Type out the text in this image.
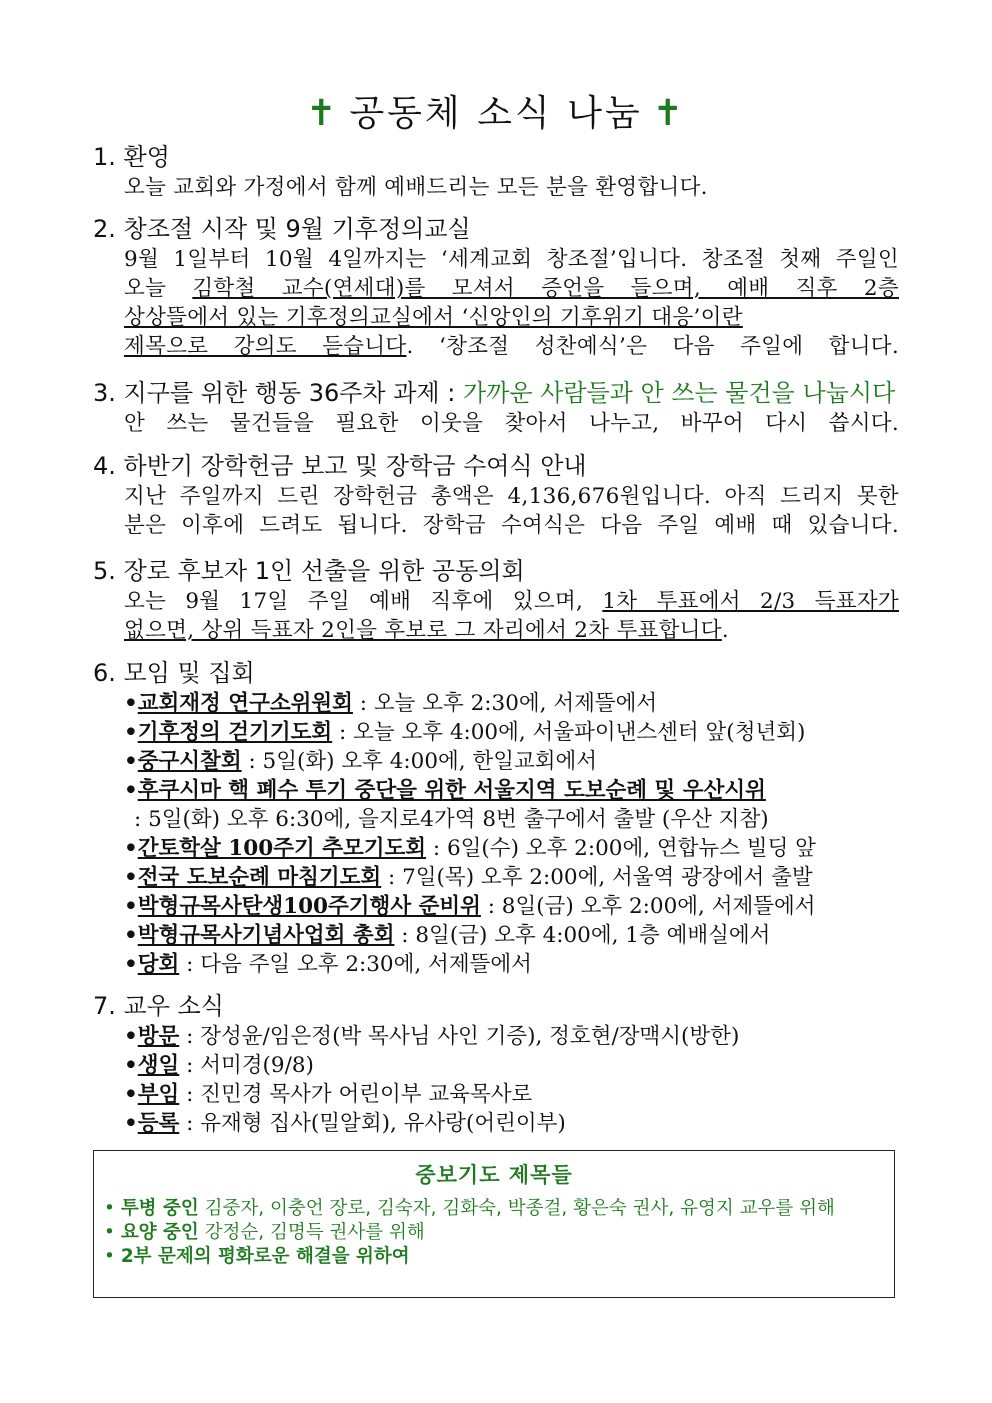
✝ 공동체 소식 나눔 ✝
1. 환영
오늘 교회와 가정에서 함께 예배드리는 모든 분을 환영합니다.
2. 창조절 시작 및 9월 기후정의교실
9월 1일부터 10월 4일까지는 ‘세계교회 창조절’입니다. 창조절 첫째 주일인
오늘 김학철 교수(연세대)를 모셔서 증언을 들으며, 예배 직후 2층
상상뜰에서 있는 기후정의교실에서 ‘신앙인의 기후위기 대응’이란
제목으로 강의도 듣습니다. ‘창조절 성찬예식’은 다음 주일에 합니다.
3. 지구를 위한 행동 36주차 과제 : 가까운 사람들과 안 쓰는 물건을 나눕시다
안 쓰는 물건들을 필요한 이웃을 찾아서 나누고, 바꾸어 다시 씁시다.
4. 하반기 장학헌금 보고 및 장학금 수여식 안내
지난 주일까지 드린 장학헌금 총액은 4,136,676원입니다. 아직 드리지 못한
분은 이후에 드려도 됩니다. 장학금 수여식은 다음 주일 예배 때 있습니다.
5. 장로 후보자 1인 선출을 위한 공동의회
오는 9월 17일 주일 예배 직후에 있으며, 1차 투표에서 2/3 득표자가
없으면, 상위 득표자 2인을 후보로 그 자리에서 2차 투표합니다.
6. 모임 및 집회
•교회재정 연구소위원회 : 오늘 오후 2:30에, 서제뜰에서
•기후정의 걷기기도회 : 오늘 오후 4:00에, 서울파이낸스센터 앞(청년회)
•중구시찰회 : 5일(화) 오후 4:00에, 한일교회에서
•후쿠시마 핵 폐수 투기 중단을 위한 서울지역 도보순례 및 우산시위
: 5일(화) 오후 6:30에, 을지로4가역 8번 출구에서 출발 (우산 지참)
•간토학살 100주기 추모기도회 : 6일(수) 오후 2:00에, 연합뉴스 빌딩 앞
•전국 도보순례 마침기도회 : 7일(목) 오후 2:00에, 서울역 광장에서 출발
•박형규목사탄생100주기행사 준비위 : 8일(금) 오후 2:00에, 서제뜰에서
•박형규목사기념사업회 총회 : 8일(금) 오후 4:00에, 1층 예배실에서
•당회 : 다음 주일 오후 2:30에, 서제뜰에서
7. 교우 소식
•방문 : 장성윤/임은정(박 목사님 사인 기증), 정호현/장맥시(방한)
•생일 : 서미경(9/8)
•부임 : 진민경 목사가 어린이부 교육목사로
•등록 : 유재형 집사(밀알회), 유사랑(어린이부)
중보기도 제목들
• 투병 중인 김중자, 이충언 장로, 김숙자, 김화숙, 박종걸, 황은숙 권사, 유영지 교우를 위해
• 요양 중인 강정순, 김명득 권사를 위해
• 2부 문제의 평화로운 해결을 위하여
